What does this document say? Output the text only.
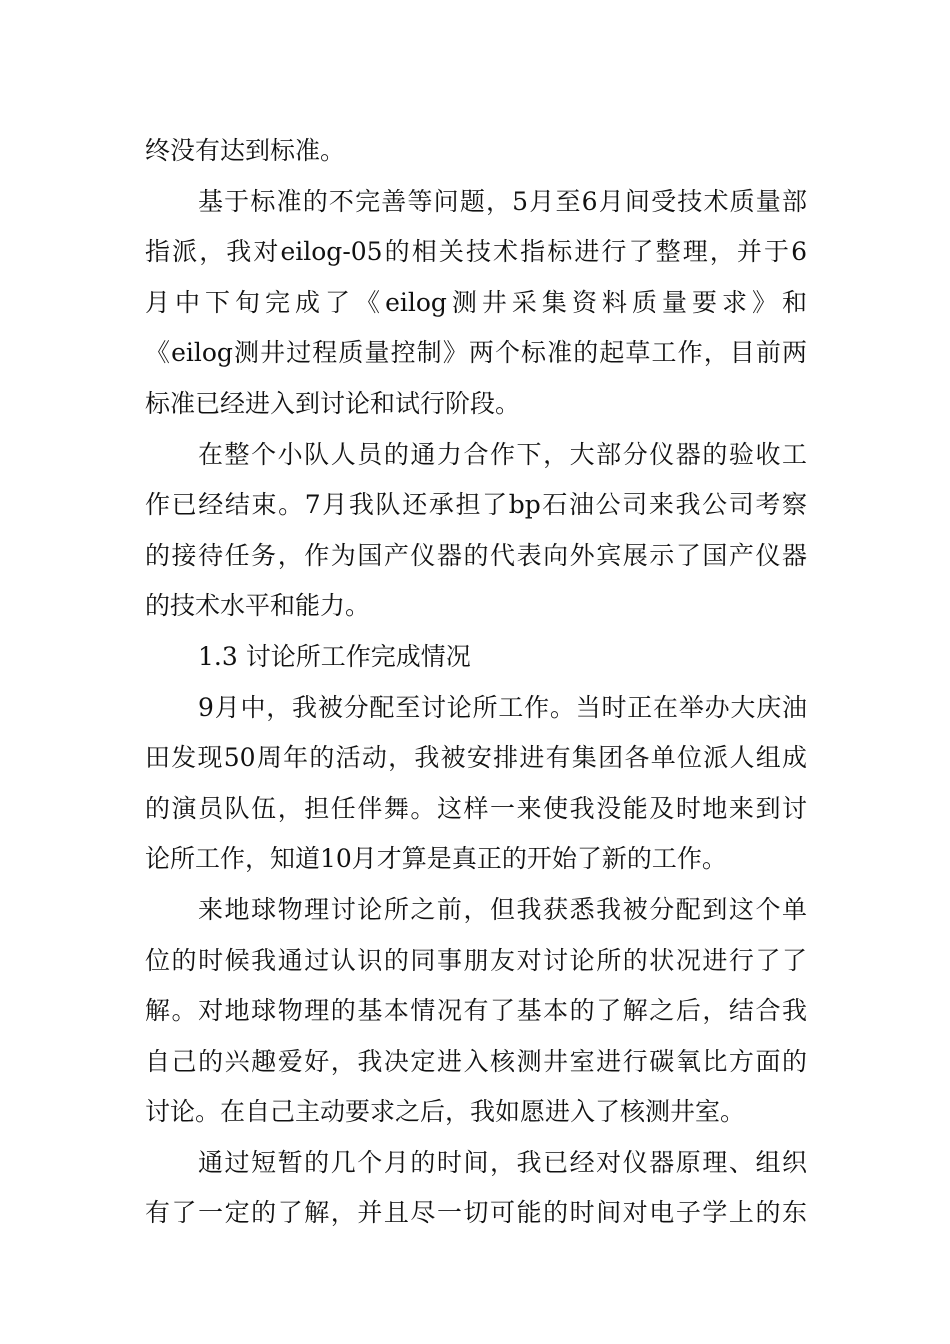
终没有达到标准。
基于标准的不完善等问题，5月至6月间受技术质量部
指派，我对eilog-05的相关技术指标进行了整理，并于6
月中下旬完成了《eilog测井采集资料质量要求》和
《eilog测井过程质量控制》两个标准的起草工作，目前两
标准已经进入到讨论和试行阶段。
在整个小队人员的通力合作下，大部分仪器的验收工
作已经结束。7月我队还承担了bp石油公司来我公司考察
的接待任务，作为国产仪器的代表向外宾展示了国产仪器
的技术水平和能力。
1.3 讨论所工作完成情况
9月中，我被分配至讨论所工作。当时正在举办大庆油
田发现50周年的活动，我被安排进有集团各单位派人组成
的演员队伍，担任伴舞。这样一来使我没能及时地来到讨
论所工作，知道10月才算是真正的开始了新的工作。
来地球物理讨论所之前，但我获悉我被分配到这个单
位的时候我通过认识的同事朋友对讨论所的状况进行了了
解。对地球物理的基本情况有了基本的了解之后，结合我
自己的兴趣爱好，我决定进入核测井室进行碳氧比方面的
讨论。在自己主动要求之后，我如愿进入了核测井室。
通过短暂的几个月的时间，我已经对仪器原理、组织
有了一定的了解，并且尽一切可能的时间对电子学上的东
